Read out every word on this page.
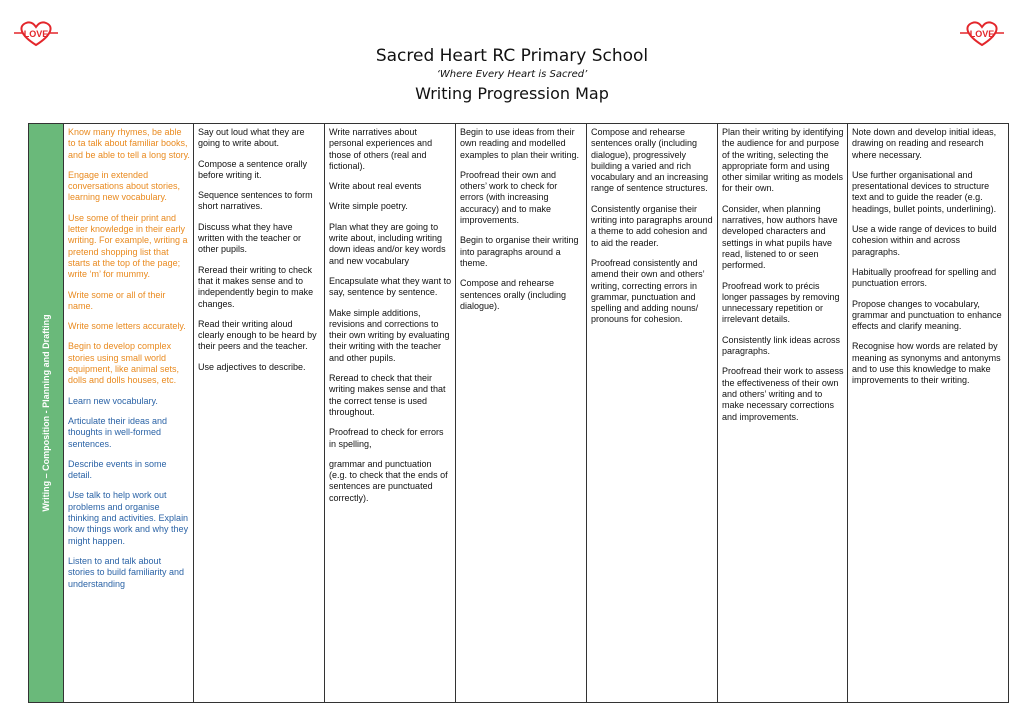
LOVE	LOVE
Sacred Heart RC Primary School
‘Where Every Heart is Sacred’
Writing Progression Map
Writing – Composition - Planning and Drafting

Know many rhymes, be able to ta talk about familiar books, and be able to tell a long story.

Engage in extended conversations about stories, learning new vocabulary.

Use some of their print and letter knowledge in their early writing. For example, writing a pretend shopping list that starts at the top of the page; write ‘m’ for mummy.

Write some or all of their name.

Write some letters accurately.

Begin to develop complex stories using small world equipment, like animal sets, dolls and dolls houses, etc.

Learn new vocabulary.

Articulate their ideas and thoughts in well-formed sentences.

Describe events in some detail.

Use talk to help work out problems and organise thinking and activities. Explain how things work and why they might happen.

Listen to and talk about stories to build familiarity and understanding

Say out loud what they are going to write about.

Compose a sentence orally before writing it.

Sequence sentences to form short narratives.

Discuss what they have written with the teacher or other pupils.

Reread their writing to check that it makes sense and to independently begin to make changes.

Read their writing aloud clearly enough to be heard by their peers and the teacher.

Use adjectives to describe.

Write narratives about personal experiences and those of others (real and fictional).

Write about real events

Write simple poetry.

Plan what they are going to write about, including writing down ideas and/or key words and new vocabulary

Encapsulate what they want to say, sentence by sentence.

Make simple additions, revisions and corrections to their own writing by evaluating their writing with the teacher and other pupils.

Reread to check that their writing makes sense and that the correct tense is used throughout.

Proofread to check for errors in spelling,

grammar and punctuation (e.g. to check that the ends of sentences are punctuated correctly).

Begin to use ideas from their own reading and modelled examples to plan their writing.

Proofread their own and others’ work to check for errors (with increasing accuracy) and to make improvements.

Begin to organise their writing into paragraphs around a theme.

Compose and rehearse sentences orally (including dialogue).

Compose and rehearse sentences orally (including dialogue), progressively building a varied and rich vocabulary and an increasing range of sentence structures.

Consistently organise their writing into paragraphs around a theme to add cohesion and to aid the reader.

Proofread consistently and amend their own and others’ writing, correcting errors in grammar, punctuation and spelling and adding nouns/ pronouns for cohesion.

Plan their writing by identifying the audience for and purpose of the writing, selecting the appropriate form and using other similar writing as models for their own.

Consider, when planning narratives, how authors have developed characters and settings in what pupils have read, listened to or seen performed.

Proofread work to précis longer passages by removing unnecessary repetition or irrelevant details.

Consistently link ideas across paragraphs.

Proofread their work to assess the effectiveness of their own and others’ writing and to make necessary corrections and improvements.

Note down and develop initial ideas, drawing on reading and research where necessary.

Use further organisational and presentational devices to structure text and to guide the reader (e.g. headings, bullet points, underlining).

Use a wide range of devices to build cohesion within and across paragraphs.

Habitually proofread for spelling and punctuation errors.

Propose changes to vocabulary, grammar and punctuation to enhance effects and clarify meaning.

Recognise how words are related by meaning as synonyms and antonyms and to use this knowledge to make improvements to their writing.
